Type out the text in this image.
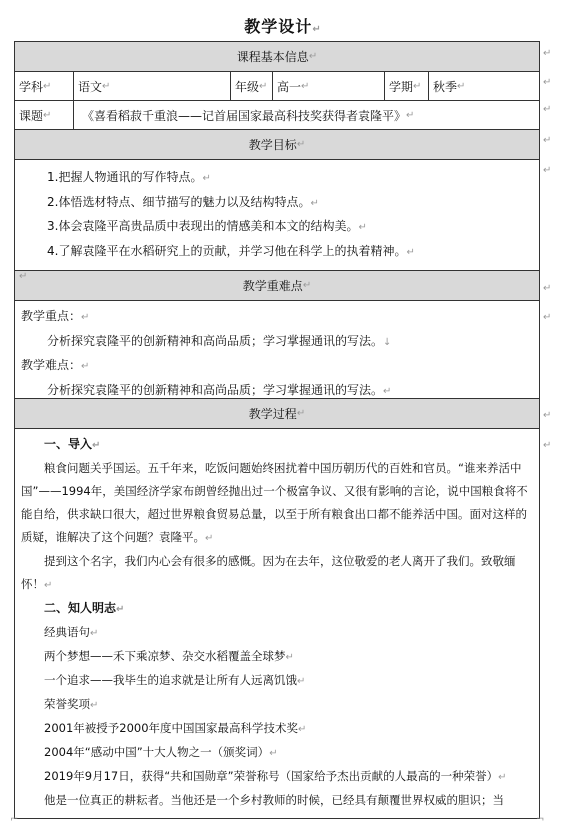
教学设计↵
课程基本信息 ↵
学科 ↵ 语文 ↵	年级 ↵ 高一 ↵	学期 ↵ 秋季 ↵
课题 ↵	《喜看稻菽千重浪——记首届国家最高科技奖获得者袁隆平》 ↵
教学目标 ↵

1.把握人物通讯的写作特点。↵

2.体悟选材特点、细节描写的魅力以及结构特点。↵

3.体会袁隆平高贵品质中表现出的情感美和本文的结构美。↵

4.了解袁隆平在水稻研究上的贡献，并学习他在科学上的执着精神。↵

↵

教学重难点 ↵

教学重点：↵

分析探究袁隆平的创新精神和高尚品质；学习掌握通讯的写法。↓

教学难点：↵

分析探究袁隆平的创新精神和高尚品质；学习掌握通讯的写法。↵

教学过程 ↵

一、导入↵

粮食问题关乎国运。五千年来，吃饭问题始终困扰着中国历朝历代的百姓和官员。“谁来养活中国”——1994年，美国经济学家布朗曾经抛出过一个极富争议、又很有影响的言论，说中国粮食将不能自给，供求缺口很大，超过世界粮食贸易总量，以至于所有粮食出口都不能养活中国。面对这样的质疑，谁解决了这个问题？袁隆平。↵

提到这个名字，我们内心会有很多的感慨。因为在去年，这位敬爱的老人离开了我们。致敬缅怀！↵

二、知人明志↵

经典语句↵

两个梦想——禾下乘凉梦、杂交水稻覆盖全球梦↵

一个追求——我毕生的追求就是让所有人远离饥饿↵

荣誉奖项↵

2001年被授予2000年度中国国家最高科学技术奖↵

2004年“感动中国”十大人物之一（颁奖词）↵

2019年9月17日，获得“共和国勋章”荣誉称号（国家给予杰出贡献的人最高的一种荣誉）↵

他是一位真正的耕耘者。当他还是一个乡村教师的时候，已经具有颠覆世界权威的胆识；当

↵
↵
↵
↵
↵
↵
↵
↵
↵
⌐	¬
